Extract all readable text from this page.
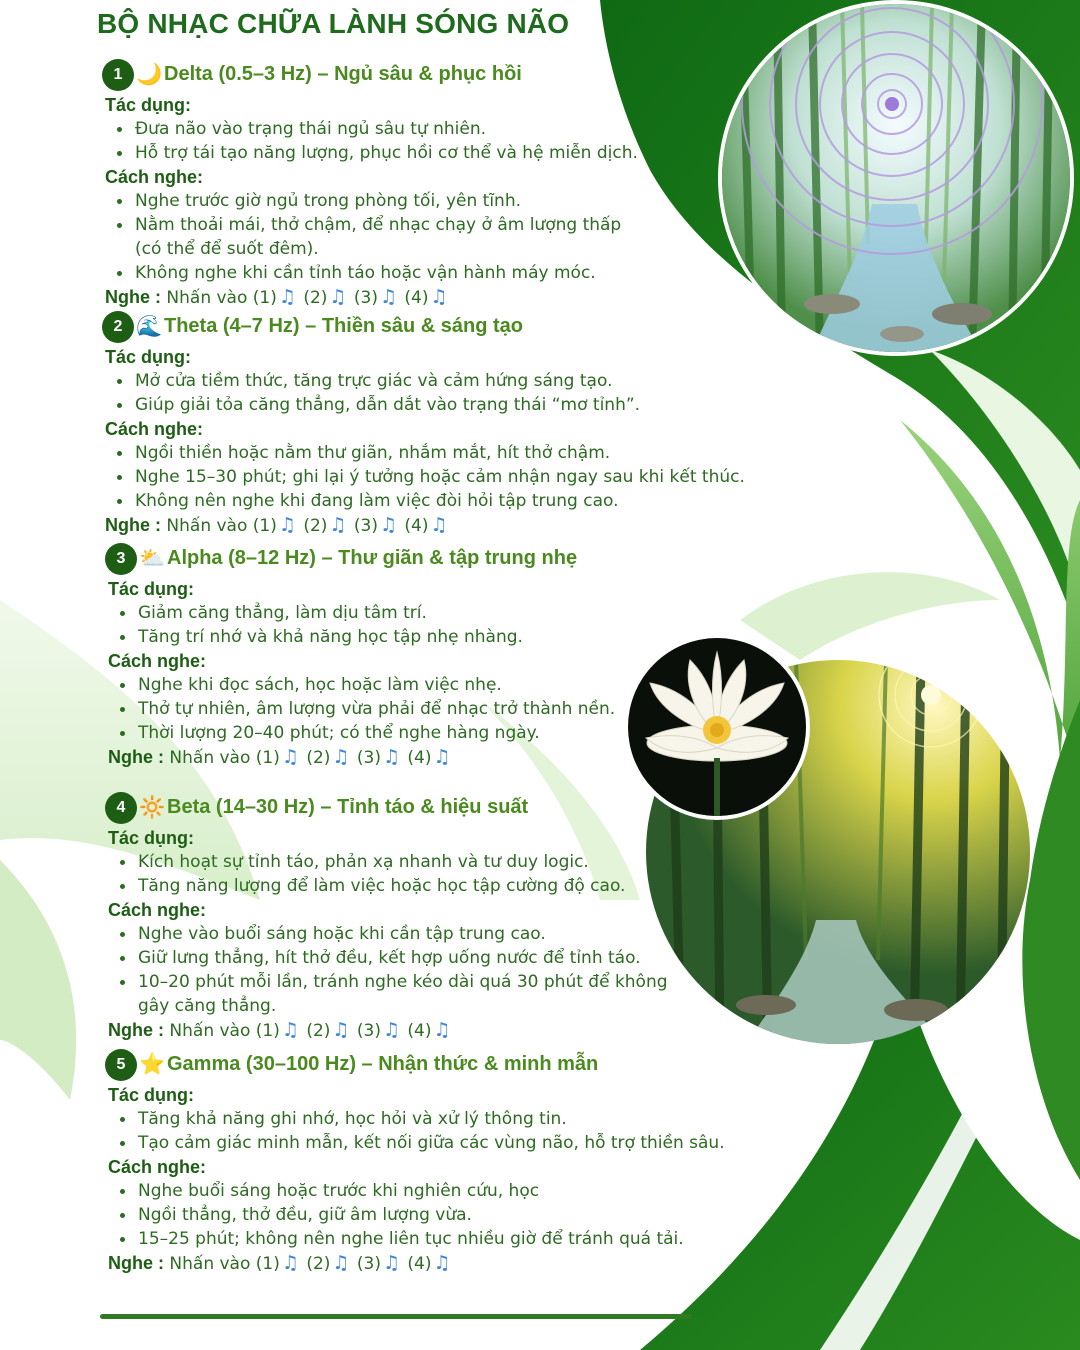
BỘ NHẠC CHỮA LÀNH SÓNG NÃO
1 🌙 Delta (0.5–3 Hz) – Ngủ sâu & phục hồi
Tác dụng:
Đưa não vào trạng thái ngủ sâu tự nhiên.
Hỗ trợ tái tạo năng lượng, phục hồi cơ thể và hệ miễn dịch.
Cách nghe:
Nghe trước giờ ngủ trong phòng tối, yên tĩnh.
Nằm thoải mái, thở chậm, để nhạc chạy ở âm lượng thấp
(có thể để suốt đêm).
Không nghe khi cần tỉnh táo hoặc vận hành máy móc.
Nghe : Nhấn vào (1) ♫ (2) ♫ (3) ♫ (4) ♫
2 🌊 Theta (4–7 Hz) – Thiền sâu & sáng tạo
Tác dụng:
Mở cửa tiềm thức, tăng trực giác và cảm hứng sáng tạo.
Giúp giải tỏa căng thẳng, dẫn dắt vào trạng thái “mơ tỉnh”.
Cách nghe:
Ngồi thiền hoặc nằm thư giãn, nhắm mắt, hít thở chậm.
Nghe 15–30 phút; ghi lại ý tưởng hoặc cảm nhận ngay sau khi kết thúc.
Không nên nghe khi đang làm việc đòi hỏi tập trung cao.
Nghe : Nhấn vào (1) ♫ (2) ♫ (3) ♫ (4) ♫
3 ⛅ Alpha (8–12 Hz) – Thư giãn & tập trung nhẹ
Tác dụng:
Giảm căng thẳng, làm dịu tâm trí.
Tăng trí nhớ và khả năng học tập nhẹ nhàng.
Cách nghe:
Nghe khi đọc sách, học hoặc làm việc nhẹ.
Thở tự nhiên, âm lượng vừa phải để nhạc trở thành nền.
Thời lượng 20–40 phút; có thể nghe hàng ngày.
Nghe : Nhấn vào (1) ♫ (2) ♫ (3) ♫ (4) ♫
4 🔆 Beta (14–30 Hz) – Tỉnh táo & hiệu suất
Tác dụng:
Kích hoạt sự tỉnh táo, phản xạ nhanh và tư duy logic.
Tăng năng lượng để làm việc hoặc học tập cường độ cao.
Cách nghe:
Nghe vào buổi sáng hoặc khi cần tập trung cao.
Giữ lưng thẳng, hít thở đều, kết hợp uống nước để tỉnh táo.
10–20 phút mỗi lần, tránh nghe kéo dài quá 30 phút để không gây căng thẳng.
Nghe : Nhấn vào (1) ♫ (2) ♫ (3) ♫ (4) ♫
5 ⭐ Gamma (30–100 Hz) – Nhận thức & minh mẫn
Tác dụng:
Tăng khả năng ghi nhớ, học hỏi và xử lý thông tin.
Tạo cảm giác minh mẫn, kết nối giữa các vùng não, hỗ trợ thiền sâu.
Cách nghe:
Nghe buổi sáng hoặc trước khi nghiên cứu, học
Ngồi thẳng, thở đều, giữ âm lượng vừa.
15–25 phút; không nên nghe liên tục nhiều giờ để tránh quá tải.
Nghe : Nhấn vào (1) ♫ (2) ♫ (3) ♫ (4) ♫
